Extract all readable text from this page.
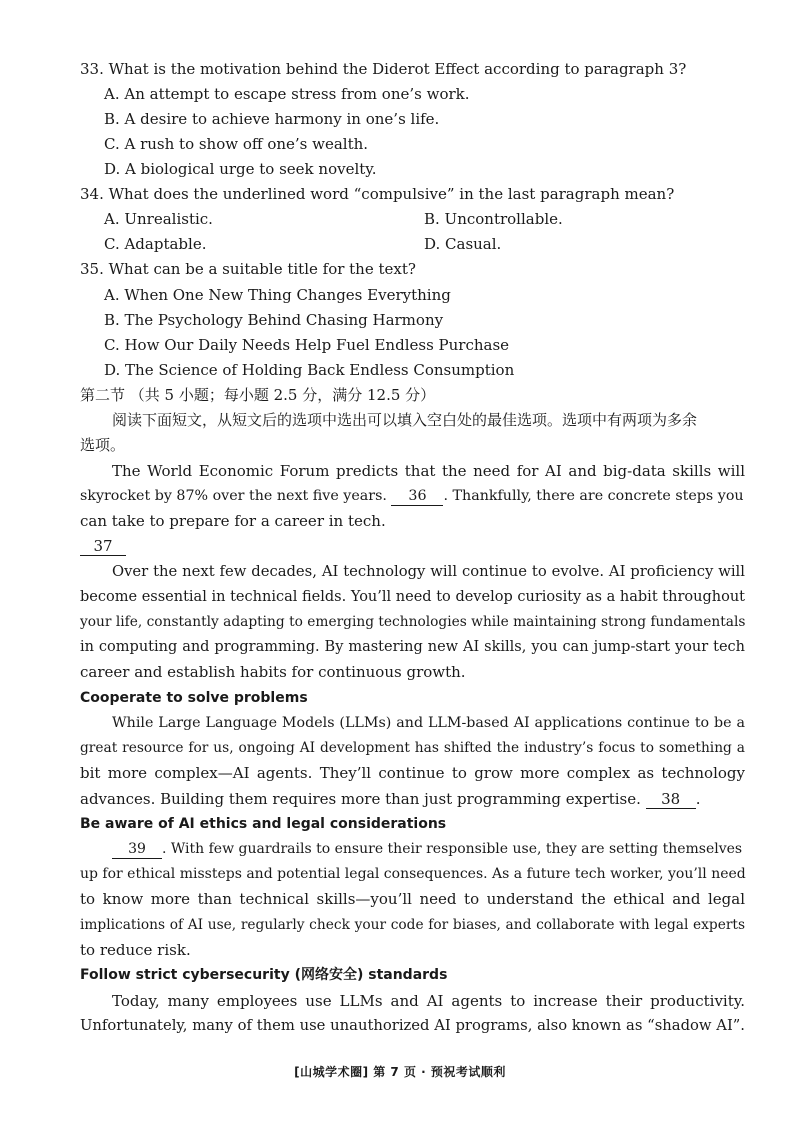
33. What is the motivation behind the Diderot Effect according to paragraph 3?
A. An attempt to escape stress from one’s work.
B. A desire to achieve harmony in one’s life.
C. A rush to show off one’s wealth.
D. A biological urge to seek novelty.
34. What does the underlined word “compulsive” in the last paragraph mean?
A. Unrealistic.	B. Uncontrollable.
C. Adaptable.	D. Casual.
35. What can be a suitable title for the text?
A. When One New Thing Changes Everything
B. The Psychology Behind Chasing Harmony
C. How Our Daily Needs Help Fuel Endless Purchase
D. The Science of Holding Back Endless Consumption
第二节 （共 5 小题；每小题 2.5 分，满分 12.5 分）
阅读下面短文，从短文后的选项中选出可以填入空白处的最佳选项。选项中有两项为多余
选项。
The World Economic Forum predicts that the need for AI and big-data skills will
skyrocket by 87% over the next five years. 36 . Thankfully, there are concrete steps you
can take to prepare for a career in tech.
37
Over the next few decades, AI technology will continue to evolve. AI proficiency will
become essential in technical fields. You’ll need to develop curiosity as a habit throughout
your life, constantly adapting to emerging technologies while maintaining strong fundamentals
in computing and programming. By mastering new AI skills, you can jump-start your tech
career and establish habits for continuous growth.
Cooperate to solve problems
While Large Language Models (LLMs) and LLM-based AI applications continue to be a
great resource for us, ongoing AI development has shifted the industry’s focus to something a
bit more complex—AI agents. They’ll continue to grow more complex as technology
advances. Building them requires more than just programming expertise. 38 .
Be aware of AI ethics and legal considerations
39 . With few guardrails to ensure their responsible use, they are setting themselves
up for ethical missteps and potential legal consequences. As a future tech worker, you’ll need
to know more than technical skills—you’ll need to understand the ethical and legal
implications of AI use, regularly check your code for biases, and collaborate with legal experts
to reduce risk.
Follow strict cybersecurity (网络安全) standards
Today, many employees use LLMs and AI agents to increase their productivity.
Unfortunately, many of them use unauthorized AI programs, also known as “shadow AI”.
[山城学术圈] 第 7 页 · 预祝考试顺利
